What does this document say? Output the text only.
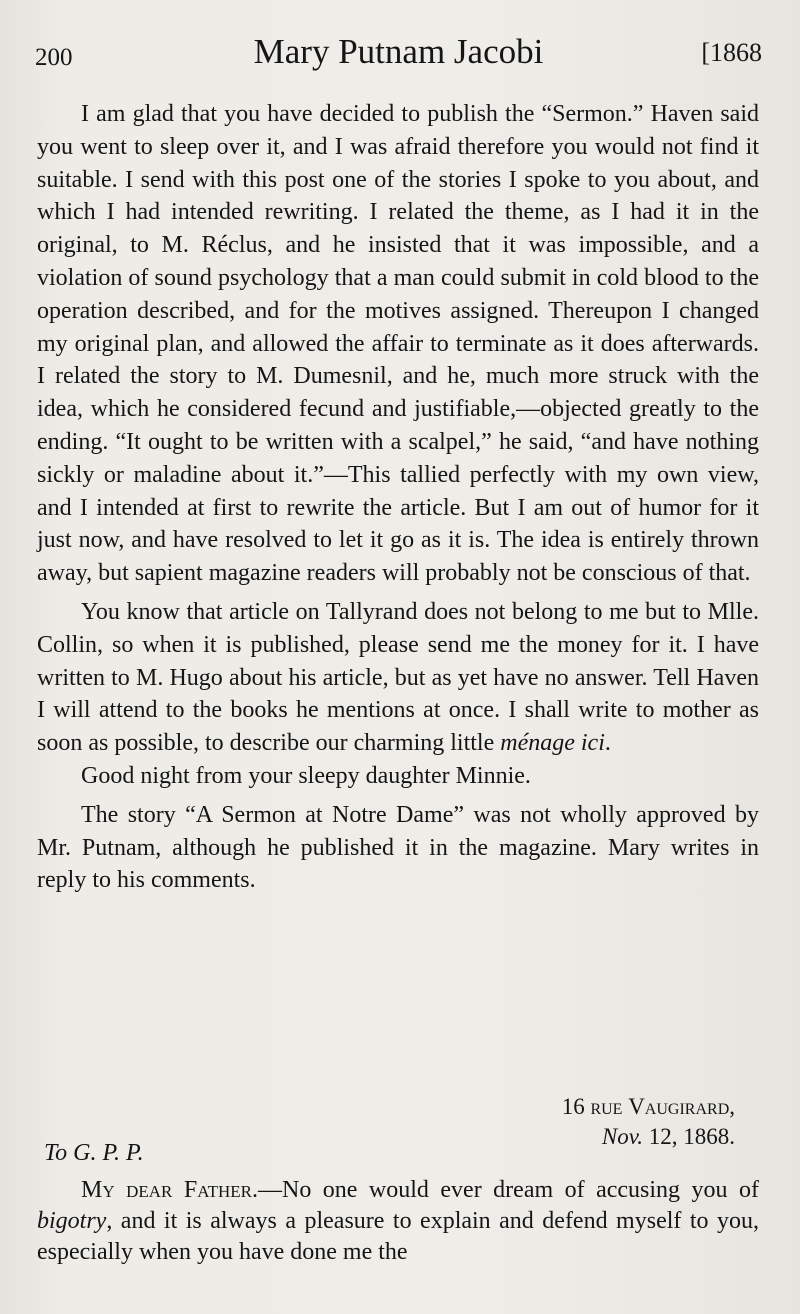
200	Mary Putnam Jacobi	[1868

I am glad that you have decided to publish the “Sermon.” Haven said you went to sleep over it, and I was afraid therefore you would not find it suitable. I send with this post one of the stories I spoke to you about, and which I had intended rewriting. I related the theme, as I had it in the original, to M. Réclus, and he insisted that it was impossible, and a violation of sound psychology that a man could submit in cold blood to the operation described, and for the motives assigned. Thereupon I changed my original plan, and allowed the affair to terminate as it does afterwards. I related the story to M. Dumesnil, and he, much more struck with the idea, which he considered fecund and justifiable,—objected greatly to the ending. “It ought to be written with a scalpel,” he said, “and have nothing sickly or maladine about it.”—This tallied perfectly with my own view, and I intended at first to rewrite the article. But I am out of humor for it just now, and have resolved to let it go as it is. The idea is entirely thrown away, but sapient magazine readers will probably not be conscious of that.

You know that article on Tallyrand does not belong to me but to Mlle. Collin, so when it is published, please send me the money for it. I have written to M. Hugo about his article, but as yet have no answer. Tell Haven I will attend to the books he mentions at once. I shall write to mother as soon as possible, to describe our charming little ménage ici.

Good night from your sleepy daughter Minnie.

The story “A Sermon at Notre Dame” was not wholly approved by Mr. Putnam, although he published it in the magazine. Mary writes in reply to his comments.

16 rue Vaugirard,
Nov. 12, 1868.
To G. P. P.

My dear Father.—No one would ever dream of accusing you of bigotry, and it is always a pleasure to explain and defend myself to you, especially when you have done me the
